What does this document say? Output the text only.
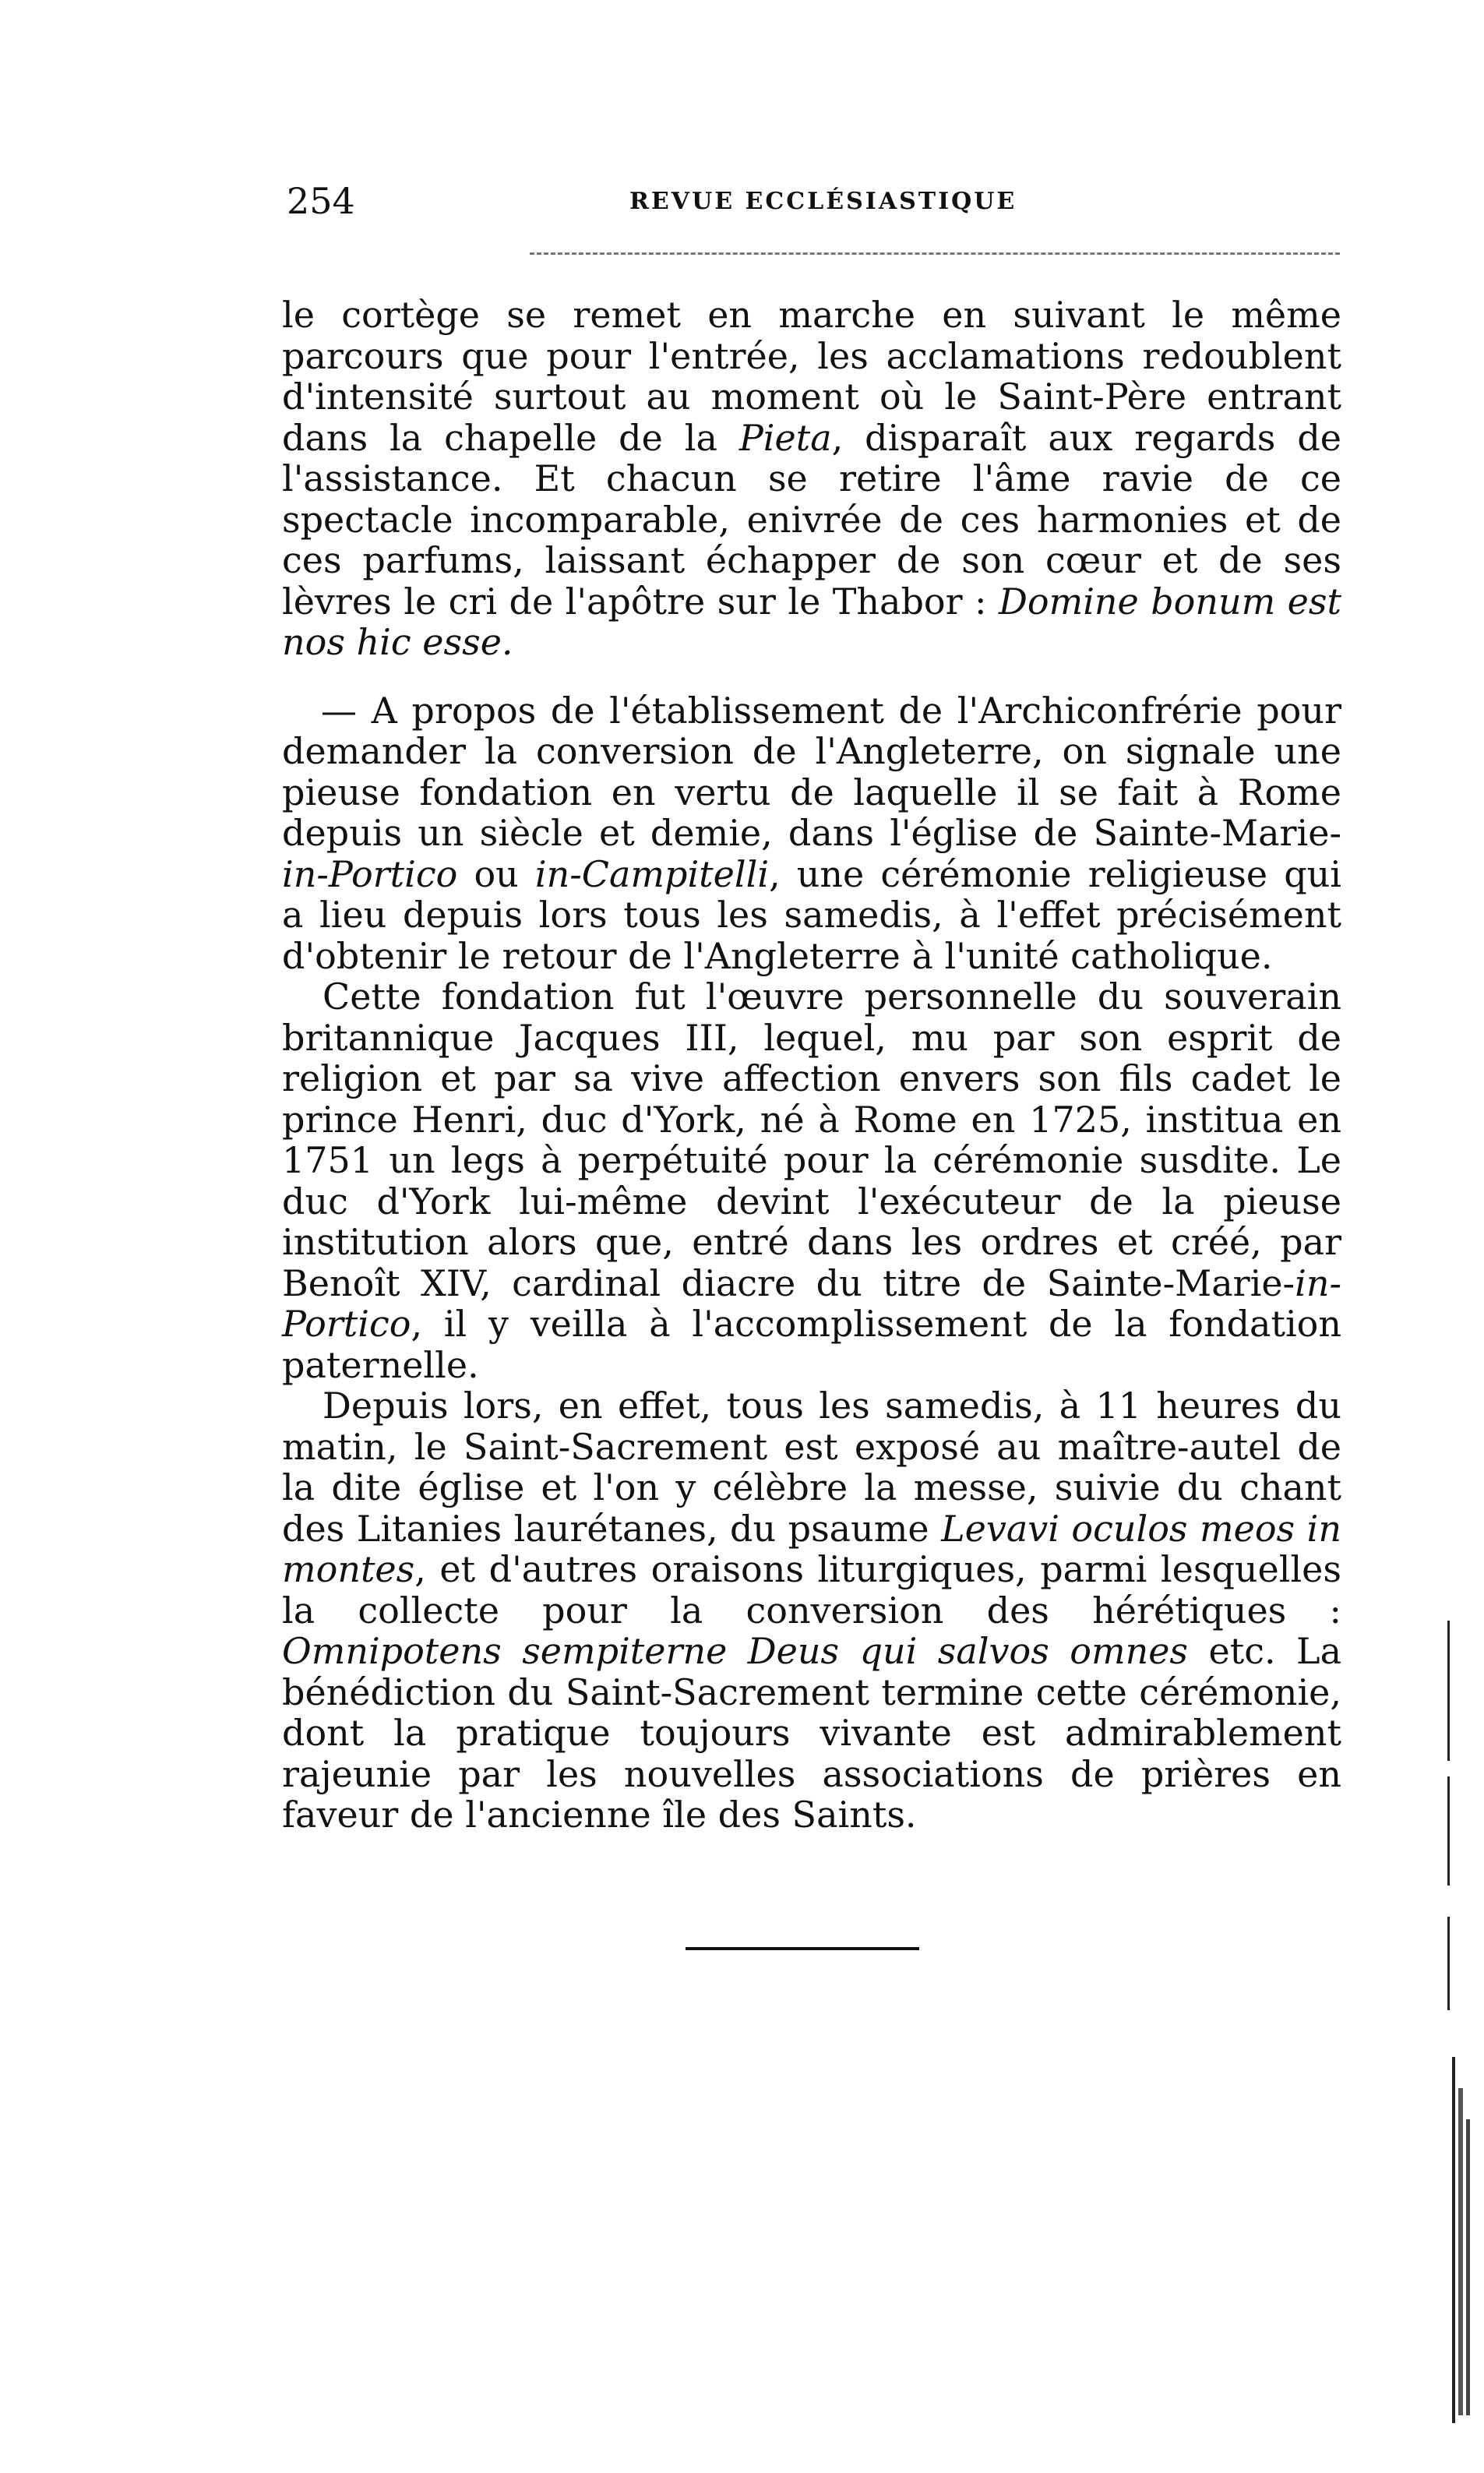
254	REVUE ECCLÉSIASTIQUE

le cortège se remet en marche en suivant le même parcours que pour l'entrée, les acclamations redoublent d'intensité surtout au moment où le Saint-Père entrant dans la chapelle de la Pieta, disparaît aux regards de l'assistance. Et chacun se retire l'âme ravie de ce spectacle incomparable, enivrée de ces harmonies et de ces parfums, laissant échapper de son cœur et de ses lèvres le cri de l'apôtre sur le Thabor : Domine bonum est nos hic esse.

— A propos de l'établissement de l'Archiconfrérie pour demander la conversion de l'Angleterre, on signale une pieuse fondation en vertu de laquelle il se fait à Rome depuis un siècle et demie, dans l'église de Sainte-Marie-in-Portico ou in-Campitelli, une cérémonie religieuse qui a lieu depuis lors tous les samedis, à l'effet précisément d'obtenir le retour de l'Angleterre à l'unité catholique.

Cette fondation fut l'œuvre personnelle du souverain britannique Jacques III, lequel, mu par son esprit de religion et par sa vive affection envers son fils cadet le prince Henri, duc d'York, né à Rome en 1725, institua en 1751 un legs à perpétuité pour la cérémonie susdite. Le duc d'York lui-même devint l'exécuteur de la pieuse institution alors que, entré dans les ordres et créé, par Benoît XIV, cardinal diacre du titre de Sainte-Marie-in-Portico, il y veilla à l'accomplissement de la fondation paternelle.

Depuis lors, en effet, tous les samedis, à 11 heures du matin, le Saint-Sacrement est exposé au maître-autel de la dite église et l'on y célèbre la messe, suivie du chant des Litanies laurétanes, du psaume Levavi oculos meos in montes, et d'autres oraisons liturgiques, parmi lesquelles la collecte pour la conversion des hérétiques : Omnipotens sempiterne Deus qui salvos omnes etc. La bénédiction du Saint-Sacrement termine cette cérémonie, dont la pratique toujours vivante est admirablement rajeunie par les nouvelles associations de prières en faveur de l'ancienne île des Saints.
